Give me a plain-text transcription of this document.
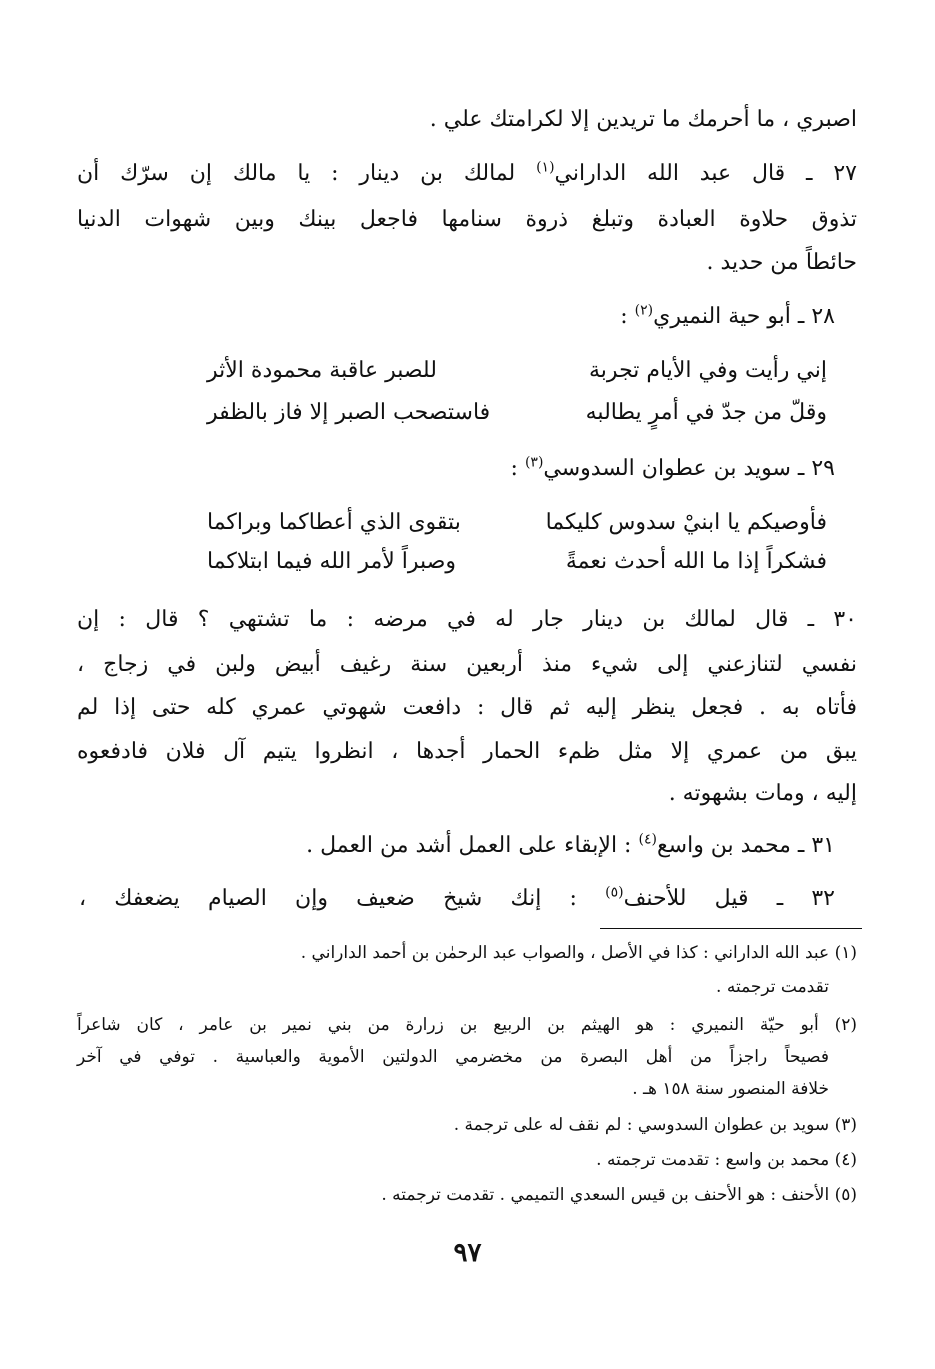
اصبري ، ما أحرمك ما تريدين إلا لكرامتك علي .

٢٧ ـ قال عبد الله الداراني$^{(١)}$ لمالك بن دينار : يا مالك إن سرّك أن

تذوق حلاوة العبادة وتبلغ ذروة سنامها فاجعل بينك وبين شهوات الدنيا

حائطاً من حديد .

٢٨ ـ أبو حية النميري$^{(٢)}$ :

إني رأيت وفي الأيام تجربة
للصبر عاقبة محمودة الأثر
وقلّ من جدّ في أمرٍ يطالبه
فاستصحب الصبر إلا فاز بالظفر

٢٩ ـ سويد بن عطوان السدوسي$^{(٣)}$ :

فأوصيكم يا ابنيْ سدوس كليكما
بتقوى الذي أعطاكما وبراكما
فشكراً إذا ما الله أحدث نعمةً
وصبراً لأمر الله فيما ابتلاكما

٣٠ ـ قال لمالك بن دينار جار له في مرضه : ما تشتهي ؟ قال : إن

نفسي لتنازعني إلى شيء منذ أربعين سنة رغيف أبيض ولبن في زجاج ،

فأتاه به . فجعل ينظر إليه ثم قال : دافعت شهوتي عمري كله حتى إذا لم

يبق من عمري إلا مثل ظمء الحمار أجدها ، انظروا يتيم آل فلان فادفعوه

إليه ، ومات بشهوته .

٣١ ـ محمد بن واسع$^{(٤)}$ : الإبقاء على العمل أشد من العمل .

٣٢ ـ قيل للأحنف$^{(٥)}$ : إنك شيخ ضعيف وإن الصيام يضعفك ،

(١) عبد الله الداراني : كذا في الأصل ، والصواب عبد الرحمٰن بن أحمد الداراني .

تقدمت ترجمته .

(٢) أبو حيّة النميري : هو الهيثم بن الربيع بن زرارة من بني نمير بن عامر ، كان شاعراً

فصيحاً راجزاً من أهل البصرة من مخضرمي الدولتين الأموية والعباسية . توفي في آخر

خلافة المنصور سنة ١٥٨ هـ .

(٣) سويد بن عطوان السدوسي : لم نقف له على ترجمة .

(٤) محمد بن واسع : تقدمت ترجمته .

(٥) الأحنف : هو الأحنف بن قيس السعدي التميمي . تقدمت ترجمته .

٩٧
